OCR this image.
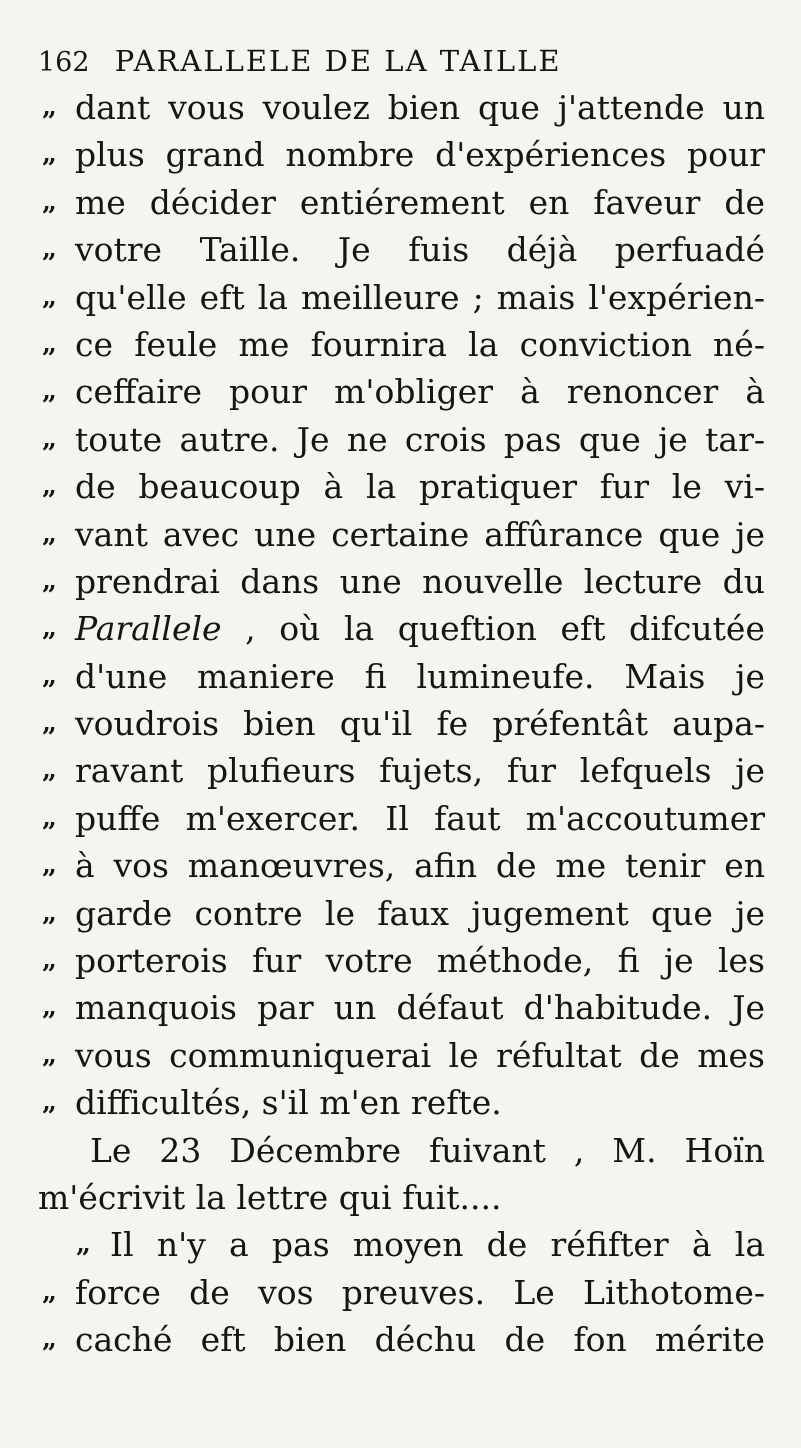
162 PARALLELE DE LA TAILLE
„ dant vous voulez bien que j'attende un
„ plus grand nombre d'expériences pour
„ me décider entiérement en faveur de
„ votre Taille. Je fuis déjà perfuadé
„ qu'elle eft la meilleure ; mais l'expérien-
„ ce feule me fournira la conviction né-
„ ceffaire pour m'obliger à renoncer à
„ toute autre. Je ne crois pas que je tar-
„ de beaucoup à la pratiquer fur le vi-
„ vant avec une certaine affûrance que je
„ prendrai dans une nouvelle lecture du
„ Parallele , où la queftion eft difcutée
„ d'une maniere fi lumineufe. Mais je
„ voudrois bien qu'il fe préfentât aupa-
„ ravant plufieurs fujets, fur lefquels je
„ puffe m'exercer. Il faut m'accoutumer
„ à vos manœuvres, afin de me tenir en
„ garde contre le faux jugement que je
„ porterois fur votre méthode, fi je les
„ manquois par un défaut d'habitude. Je
„ vous communiquerai le réfultat de mes
„ difficultés, s'il m'en refte.
Le 23 Décembre fuivant , M. Hoïn
m'écrivit la lettre qui fuit....
„ Il n'y a pas moyen de réfifter à la
„ force de vos preuves. Le Lithotome-
„ caché eft bien déchu de fon mérite
